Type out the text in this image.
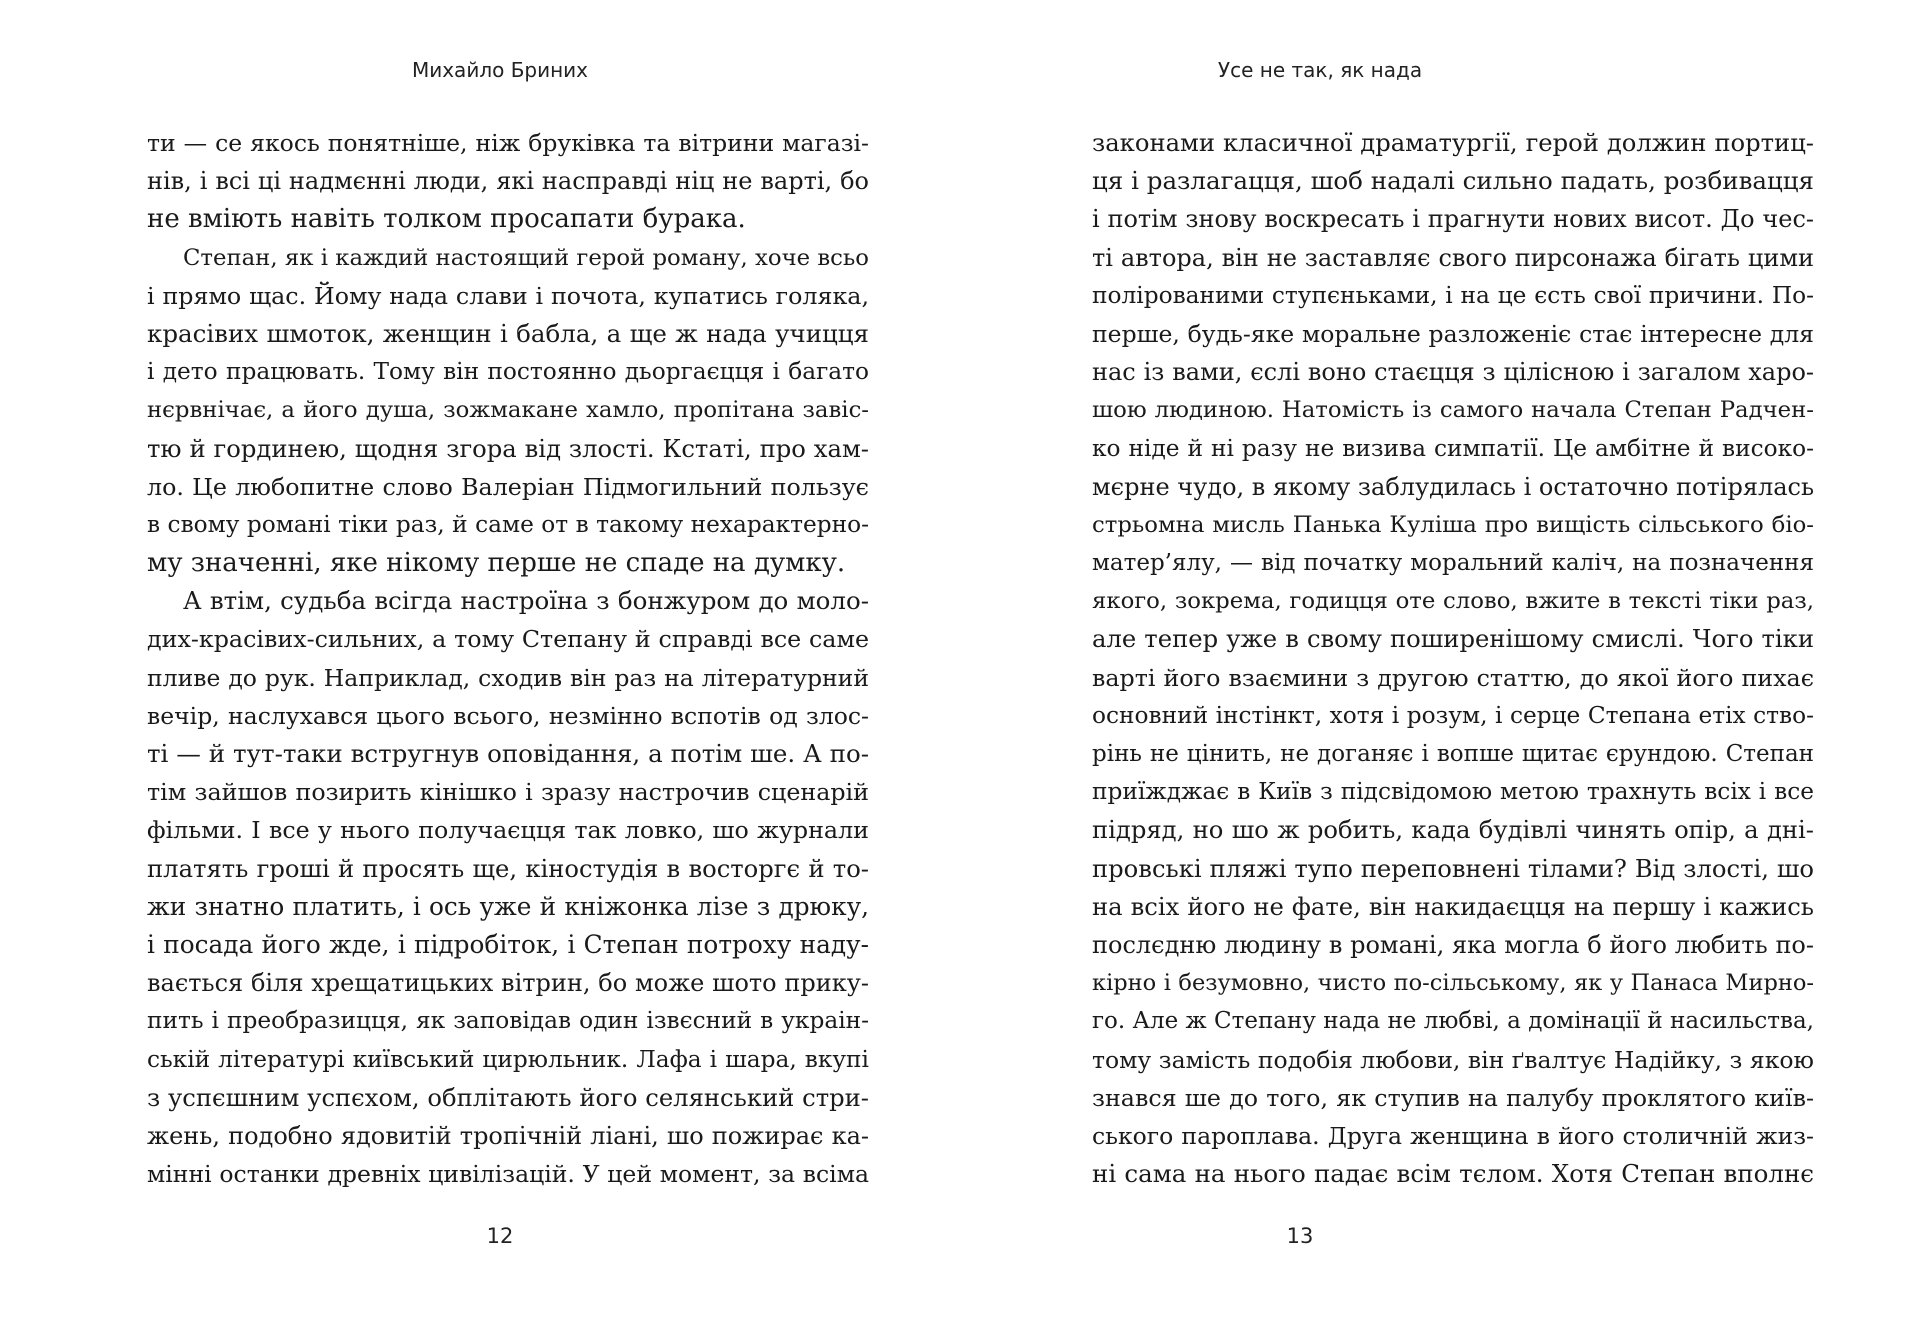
Михайло Бриних
ти — се якось понятніше, ніж бруківка та вітрини магазі-
нів, і всі ці надмєнні люди, які насправді ніц не варті, бо
не вміють навіть толком просапати бурака.
Степан, як і каждий настоящий герой роману, хоче всьо
і прямо щас. Йому нада слави і почота, купатись голяка,
красівих шмоток, женщин і бабла, а ще ж нада учицця
і дето працювать. Тому він постоянно дьоргаєцця і багато
нєрвнічає, а його душа, зожмакане хамло, пропітана завіс-
тю й гординею, щодня згора від злості. Кстаті, про хам-
ло. Це любопитне слово Валеріан Підмогильний пользує
в свому романі тіки раз, й саме от в такому нехарактерно-
му значенні, яке нікому перше не спаде на думку.
А втім, судьба всігда настроїна з бонжуром до моло-
дих-красівих-сильних, а тому Степану й справді все саме
пливе до рук. Наприклад, сходив він раз на літературний
вечір, наслухався цього всього, незмінно вспотів од злос-
ті — й тут-таки встругнув оповідання, а потім ше. А по-
тім зайшов позирить кінішко і зразу настрочив сценарій
фільми. І все у нього получаєцця так ловко, шо журнали
платять гроші й просять ще, кіностудія в восторгє й то-
жи знатно платить, і ось уже й кніжонка лізе з дрюку,
і посада його жде, і підробіток, і Степан потроху наду-
вається біля хрещатицьких вітрин, бо може шото прику-
пить і преобразицця, як заповідав один ізвєсний в украін-
ській літературі київський цирюльник. Лафа і шара, вкупі
з успєшним успєхом, обплітають його селянський стри-
жень, подобно ядовитій тропічній ліані, шо пожирає ка-
мінні останки древніх цивілізацій. У цей момент, за всіма
12
Усе не так, як нада
законами класичної драматургії, герой должин портиц-
ця і разлагацця, шоб надалі сильно падать, розбивацця
і потім знову воскресать і прагнути нових висот. До чес-
ті автора, він не заставляє свого пирсонажа бігать цими
полірованими ступєньками, і на це єсть свої причини. По-
перше, будь-яке моральне разложеніє стає інтересне для
нас із вами, єслі воно стаєцця з цілісною і загалом харо-
шою людиною. Натомість із самого начала Степан Радчен-
ко ніде й ні разу не визива симпатії. Це амбітне й високо-
мєрне чудо, в якому заблудилась і остаточно потірялась
стрьомна мисль Панька Куліша про вищість сільського біо-
матер’ялу, — від початку моральний каліч, на позначення
якого, зокрема, годицця оте слово, вжите в тексті тіки раз,
але тепер уже в свому поширенішому смислі. Чого тіки
варті його взаємини з другою статтю, до якої його пихає
основний інстінкт, хотя і розум, і серце Степана етіх ство-
рінь не цінить, не доганяє і вопше щитає єрундою. Степан
приїжджає в Київ з підсвідомою метою трахнуть всіх і все
підряд, но шо ж робить, када будівлі чинять опір, а дні-
провські пляжі тупо переповнені тілами? Від злості, шо
на всіх його не фате, він накидаєцця на першу і кажись
послєдню людину в романі, яка могла б його любить по-
кірно і безумовно, чисто по-сільському, як у Панаса Мирно-
го. Але ж Степану нада не любві, а домінації й насильства,
тому замість подобія любови, він ґвалтує Надійку, з якою
знався ше до того, як ступив на палубу проклятого київ-
ського пароплава. Друга женщина в його столичній жиз-
ні сама на нього падає всім тєлом. Хотя Степан вполнє
13
